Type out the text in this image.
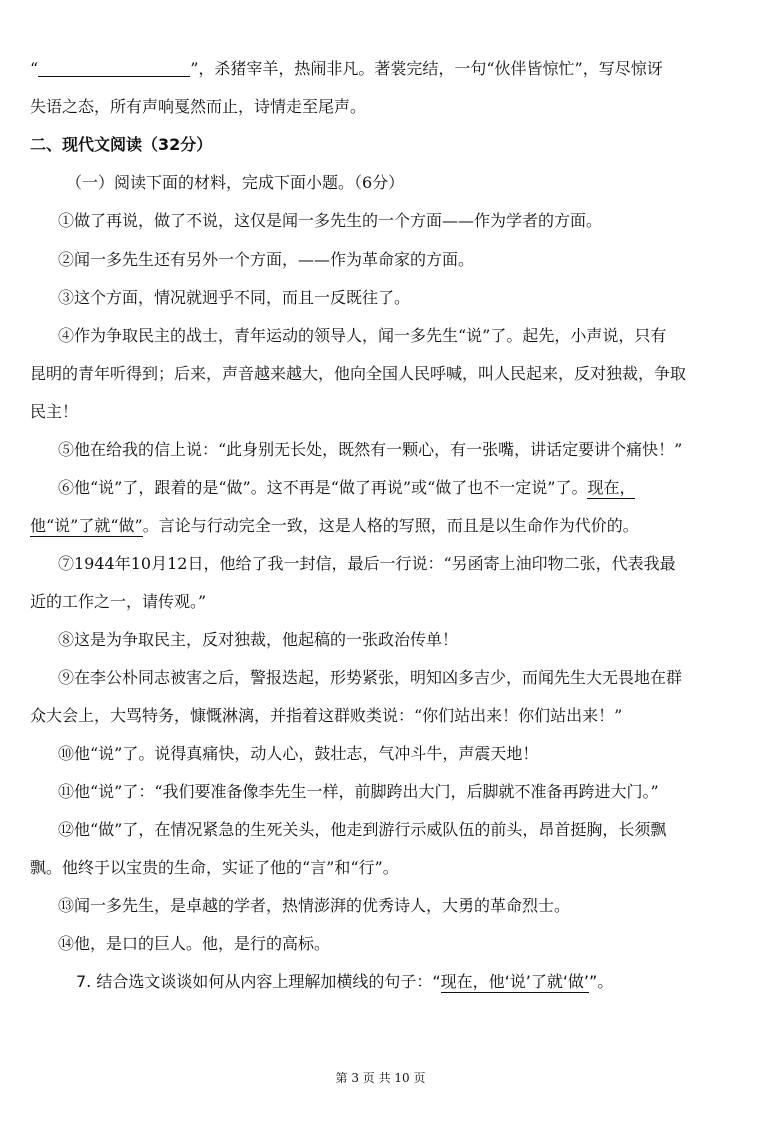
“	”，杀猪宰羊，热闹非凡。著裳完结，一句“伙伴皆惊忙”，写尽惊讶
失语之态，所有声响戛然而止，诗情走至尾声。
二、现代文阅读（32分）
（一）阅读下面的材料，完成下面小题。（6分）
①做了再说，做了不说，这仅是闻一多先生的一个方面——作为学者的方面。
②闻一多先生还有另外一个方面，——作为革命家的方面。
③这个方面，情况就迥乎不同，而且一反既往了。
④作为争取民主的战士，青年运动的领导人，闻一多先生“说”了。起先，小声说，只有
昆明的青年听得到；后来，声音越来越大，他向全国人民呼喊，叫人民起来，反对独裁，争取
民主！
⑤他在给我的信上说：“此身别无长处，既然有一颗心，有一张嘴，讲话定要讲个痛快！”
⑥他“说”了，跟着的是“做”。这不再是“做了再说”或“做了也不一定说”了。现在，
他“说”了就“做”。言论与行动完全一致，这是人格的写照，而且是以生命作为代价的。
⑦1944年10月12日，他给了我一封信，最后一行说：“另函寄上油印物二张，代表我最
近的工作之一，请传观。”
⑧这是为争取民主，反对独裁，他起稿的一张政治传单！
⑨在李公朴同志被害之后，警报迭起，形势紧张，明知凶多吉少，而闻先生大无畏地在群
众大会上，大骂特务，慷慨淋漓，并指着这群败类说：“你们站出来！你们站出来！”
⑩他“说”了。说得真痛快，动人心，鼓壮志，气冲斗牛，声震天地！
⑪他“说”了：“我们要准备像李先生一样，前脚跨出大门，后脚就不准备再跨进大门。”
⑫他“做”了，在情况紧急的生死关头，他走到游行示威队伍的前头，昂首挺胸，长须飘
飘。他终于以宝贵的生命，实证了他的“言”和“行”。
⑬闻一多先生，是卓越的学者，热情澎湃的优秀诗人，大勇的革命烈士。
⑭他，是口的巨人。他，是行的高标。
7. 结合选文谈谈如何从内容上理解加横线的句子：“现在，他‘说’了就‘做’”。
第 3 页 共 10 页
